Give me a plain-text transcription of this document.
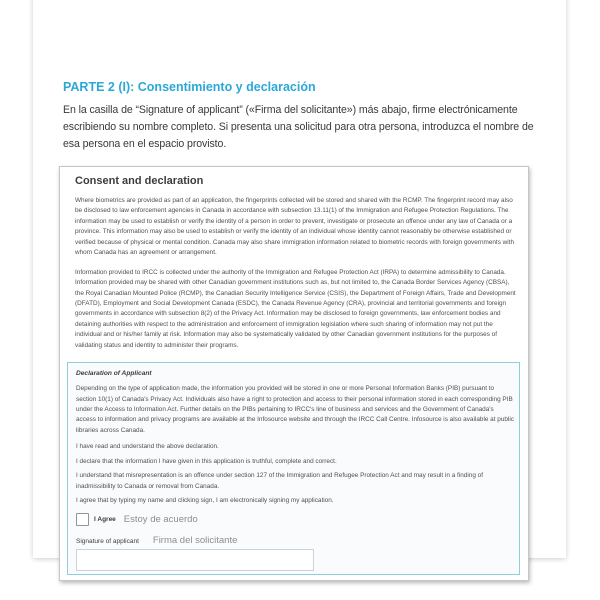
PARTE 2 (I): Consentimiento y declaración
En la casilla de “Signature of applicant” («Firma del solicitante») más abajo, firme electrónicamente escribiendo su nombre completo. Si presenta una solicitud para otra persona, introduzca el nombre de esa persona en el espacio provisto.
Consent and declaration

Where biometrics are provided as part of an application, the fingerprints collected will be stored and shared with the RCMP. The fingerprint record may also be disclosed to law enforcement agencies in Canada in accordance with subsection 13.11(1) of the Immigration and Refugee Protection Regulations. The information may be used to establish or verify the identity of a person in order to prevent, investigate or prosecute an offence under any law of Canada or a province. This information may also be used to establish or verify the identity of an individual whose identity cannot reasonably be otherwise established or verified because of physical or mental condition. Canada may also share immigration information related to biometric records with foreign governments with whom Canada has an agreement or arrangement.

Information provided to IRCC is collected under the authority of the Immigration and Refugee Protection Act (IRPA) to determine admissibility to Canada. Information provided may be shared with other Canadian government institutions such as, but not limited to, the Canada Border Services Agency (CBSA), the Royal Canadian Mounted Police (RCMP), the Canadian Security Intelligence Service (CSIS), the Department of Foreign Affairs, Trade and Development (DFATD), Employment and Social Development Canada (ESDC), the Canada Revenue Agency (CRA), provincial and territorial governments and foreign governments in accordance with subsection 8(2) of the Privacy Act. Information may be disclosed to foreign governments, law enforcement bodies and detaining authorities with respect to the administration and enforcement of immigration legislation where such sharing of information may not put the individual and or his/her family at risk. Information may also be systematically validated by other Canadian government institutions for the purposes of validating status and identity to administer their programs.

Declaration of Applicant

Depending on the type of application made, the information you provided will be stored in one or more Personal Information Banks (PIB) pursuant to section 10(1) of Canada's Privacy Act. Individuals also have a right to protection and access to their personal information stored in each corresponding PIB under the Access to Information Act. Further details on the PIBs pertaining to IRCC's line of business and services and the Government of Canada's access to information and privacy programs are available at the Infosource website and through the IRCC Call Centre. Infosource is also available at public libraries across Canada.

I have read and understand the above declaration.

I declare that the information I have given in this application is truthful, complete and correct.

I understand that misrepresentation is an offence under section 127 of the Immigration and Refugee Protection Act and may result in a finding of inadmissibility to Canada or removal from Canada.

I agree that by typing my name and clicking sign, I am electronically signing my application.

I Agree Estoy de acuerdo
Signature of applicant Firma del solicitante
